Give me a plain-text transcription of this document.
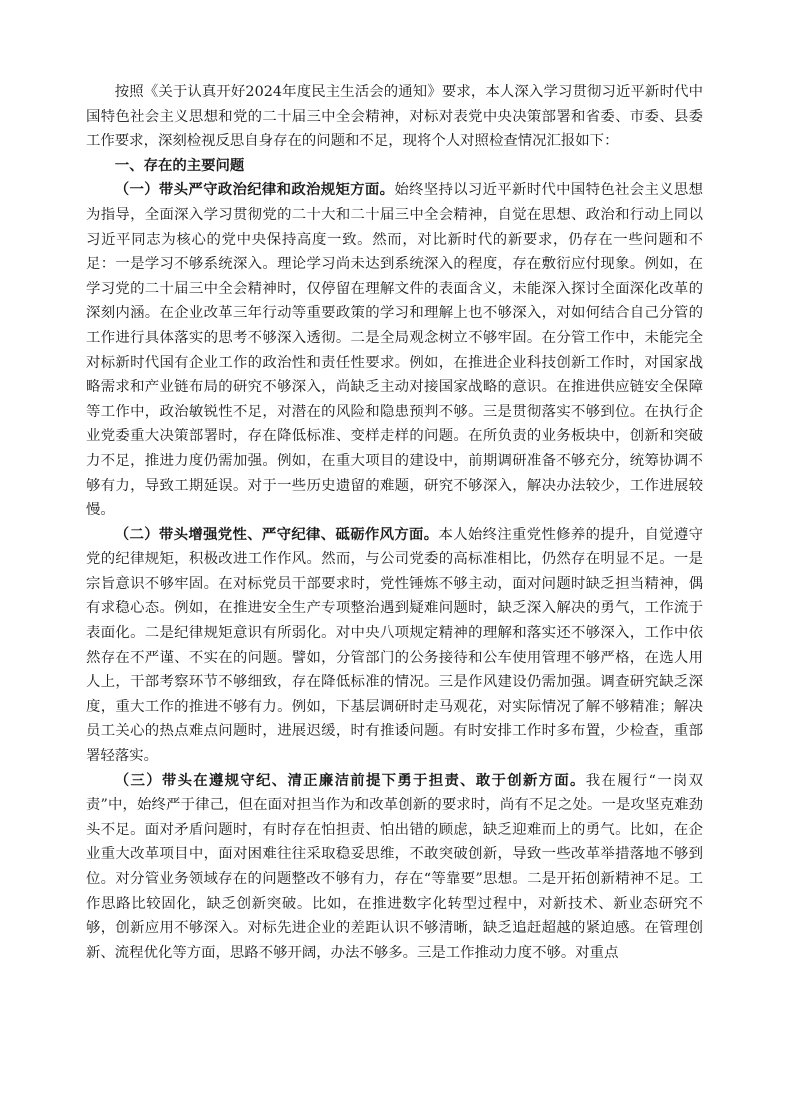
按照《关于认真开好2024年度民主生活会的通知》要求，本人深入学习贯彻习近平新时代中国特色社会主义思想和党的二十届三中全会精神，对标对表党中央决策部署和省委、市委、县委工作要求，深刻检视反思自身存在的问题和不足，现将个人对照检查情况汇报如下：

一、存在的主要问题

（一）带头严守政治纪律和政治规矩方面。始终坚持以习近平新时代中国特色社会主义思想为指导，全面深入学习贯彻党的二十大和二十届三中全会精神，自觉在思想、政治和行动上同以习近平同志为核心的党中央保持高度一致。然而，对比新时代的新要求，仍存在一些问题和不足：一是学习不够系统深入。理论学习尚未达到系统深入的程度，存在敷衍应付现象。例如，在学习党的二十届三中全会精神时，仅停留在理解文件的表面含义，未能深入探讨全面深化改革的深刻内涵。在企业改革三年行动等重要政策的学习和理解上也不够深入，对如何结合自己分管的工作进行具体落实的思考不够深入透彻。二是全局观念树立不够牢固。在分管工作中，未能完全对标新时代国有企业工作的政治性和责任性要求。例如，在推进企业科技创新工作时，对国家战略需求和产业链布局的研究不够深入，尚缺乏主动对接国家战略的意识。在推进供应链安全保障等工作中，政治敏锐性不足，对潜在的风险和隐患预判不够。三是贯彻落实不够到位。在执行企业党委重大决策部署时，存在降低标准、变样走样的问题。在所负责的业务板块中，创新和突破力不足，推进力度仍需加强。例如，在重大项目的建设中，前期调研准备不够充分，统筹协调不够有力，导致工期延误。对于一些历史遗留的难题，研究不够深入，解决办法较少，工作进展较慢。

（二）带头增强党性、严守纪律、砥砺作风方面。本人始终注重党性修养的提升，自觉遵守党的纪律规矩，积极改进工作作风。然而，与公司党委的高标准相比，仍然存在明显不足。一是宗旨意识不够牢固。在对标党员干部要求时，党性锤炼不够主动，面对问题时缺乏担当精神，偶有求稳心态。例如，在推进安全生产专项整治遇到疑难问题时，缺乏深入解决的勇气，工作流于表面化。二是纪律规矩意识有所弱化。对中央八项规定精神的理解和落实还不够深入，工作中依然存在不严谨、不实在的问题。譬如，分管部门的公务接待和公车使用管理不够严格，在选人用人上，干部考察环节不够细致，存在降低标准的情况。三是作风建设仍需加强。调查研究缺乏深度，重大工作的推进不够有力。例如，下基层调研时走马观花，对实际情况了解不够精准；解决员工关心的热点难点问题时，进展迟缓，时有推诿问题。有时安排工作时多布置，少检查，重部署轻落实。

（三）带头在遵规守纪、清正廉洁前提下勇于担责、敢于创新方面。我在履行“一岗双责”中，始终严于律己，但在面对担当作为和改革创新的要求时，尚有不足之处。一是攻坚克难劲头不足。面对矛盾问题时，有时存在怕担责、怕出错的顾虑，缺乏迎难而上的勇气。比如，在企业重大改革项目中，面对困难往往采取稳妥思维，不敢突破创新，导致一些改革举措落地不够到位。对分管业务领域存在的问题整改不够有力，存在“等靠要”思想。二是开拓创新精神不足。工作思路比较固化，缺乏创新突破。比如，在推进数字化转型过程中，对新技术、新业态研究不够，创新应用不够深入。对标先进企业的差距认识不够清晰，缺乏追赶超越的紧迫感。在管理创新、流程优化等方面，思路不够开阔，办法不够多。三是工作推动力度不够。对重点
